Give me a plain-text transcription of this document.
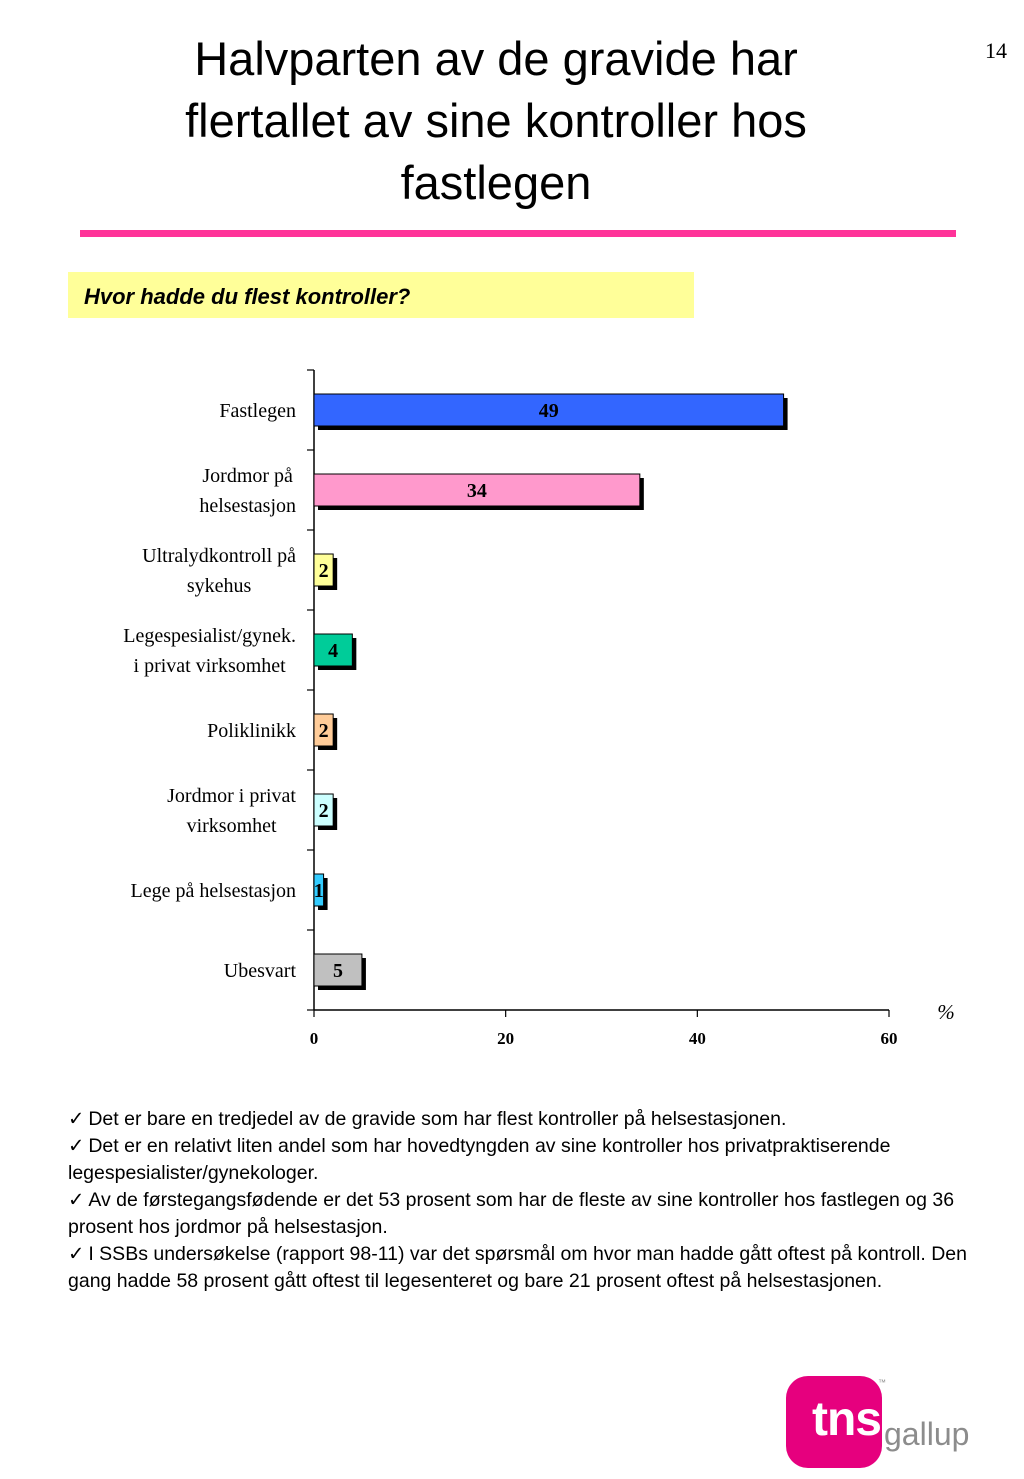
14
Halvparten av de gravide har
flertallet av sine kontroller hos
fastlegen
Hvor hadde du flest kontroller?
0	20	40	60
%
49
Fastlegen
34
Jordmor på helsestasjon
2
Ultralydkontroll på sykehus
4
Legespesialist/gynek. i privat virksomhet
2
Poliklinikk
2
Jordmor i privat virksomhet
1
Lege på helsestasjon
5
Ubesvart
✓ Det er bare en tredjedel av de gravide som har flest kontroller på helsestasjonen.
✓ Det er en relativt liten andel som har hovedtyngden av sine kontroller hos privatpraktiserende legespesialister/gynekologer.
✓ Av de førstegangsfødende er det 53 prosent som har de fleste av sine kontroller hos fastlegen og 36 prosent hos jordmor på helsestasjon.
✓ I SSBs undersøkelse (rapport 98-11) var det spørsmål om hvor man hadde gått oftest på kontroll. Den gang hadde 58 prosent gått oftest til legesenteret og bare 21 prosent oftest på helsestasjonen.
tns
™
gallup
